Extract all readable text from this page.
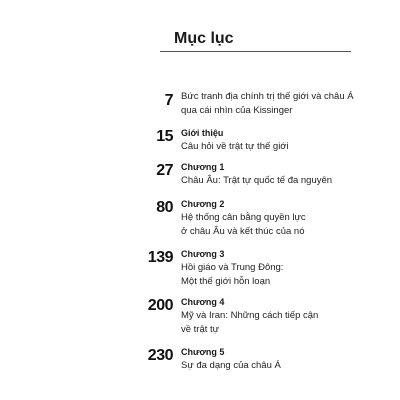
Mục lục
7 Bức tranh địa chính trị thế giới và châu Á
qua cái nhìn của Kissinger
15 Giới thiệu
Câu hỏi về trật tự thế giới
27 Chương 1
Châu Âu: Trật tự quốc tế đa nguyên
80 Chương 2
Hệ thống cân bằng quyền lực
ở châu Âu và kết thúc của nó
139 Chương 3
Hồi giáo và Trung Đông:
Một thế giới hỗn loạn
200 Chương 4
Mỹ và Iran: Những cách tiếp cận
về trật tự
230 Chương 5
Sự đa dạng của châu Á
